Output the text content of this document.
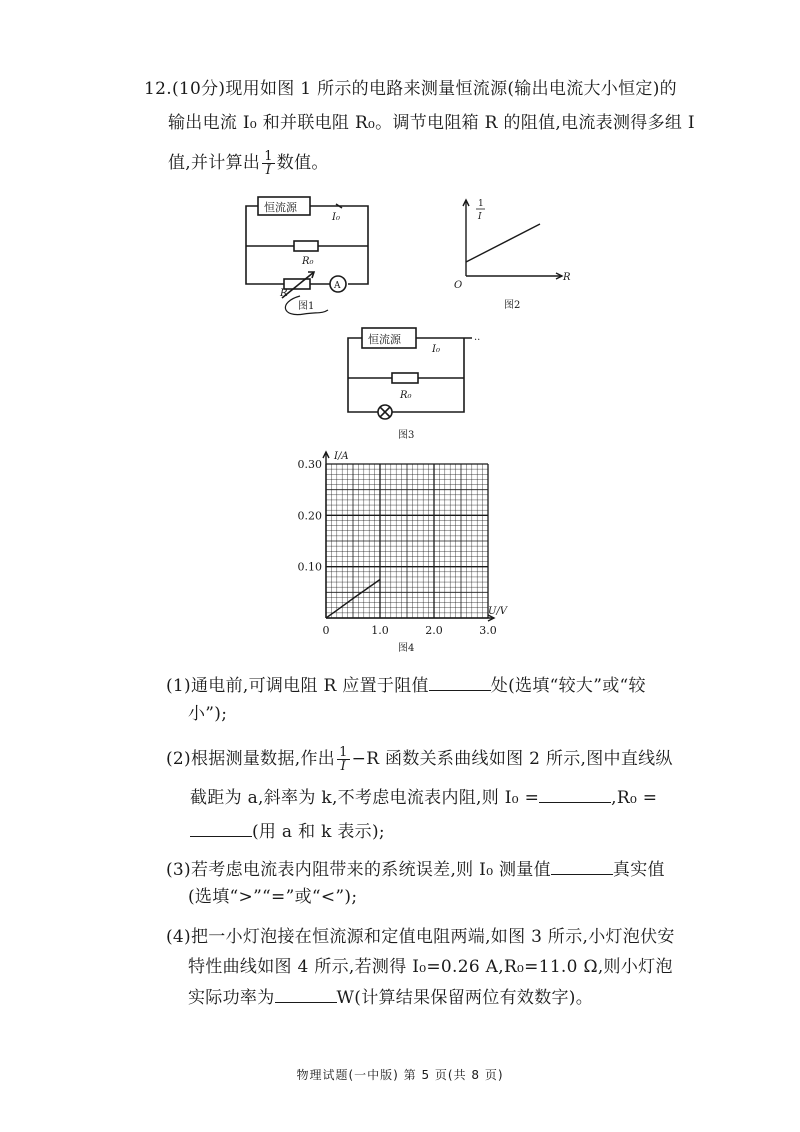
12.(10分)现用如图 1 所示的电路来测量恒流源(输出电流大小恒定)的
输出电流 I₀ 和并联电阻 R₀。调节电阻箱 R 的阻值,电流表测得多组 I
值,并计算出 $\frac{1}{I}$ 数值。
恒流源
I₀
R₀
R
A
图1
1
I
R
O
图2
..
恒流源
I₀
R₀
图3
0	1.0	2.0	3.0
0.10
0.20
0.30
I/A
U/V
图4
(1)通电前,可调电阻 R 应置于阻值	处(选填“较大”或“较
小”);
(2)根据测量数据,作出 $\frac{1}{I} -R$ 函数关系曲线如图 2 所示,图中直线纵
截距为 a,斜率为 k,不考虑电流表内阻,则 I₀ =	,R₀ =
(用 a 和 k 表示);
(3)若考虑电流表内阻带来的系统误差,则 I₀ 测量值	真实值
(选填“>”“=”或“<”);
(4)把一小灯泡接在恒流源和定值电阻两端,如图 3 所示,小灯泡伏安
特性曲线如图 4 所示,若测得 I₀=0.26 A,R₀=11.0 Ω,则小灯泡
实际功率为	W(计算结果保留两位有效数字)。
物理试题(一中版) 第 5 页(共 8 页)
